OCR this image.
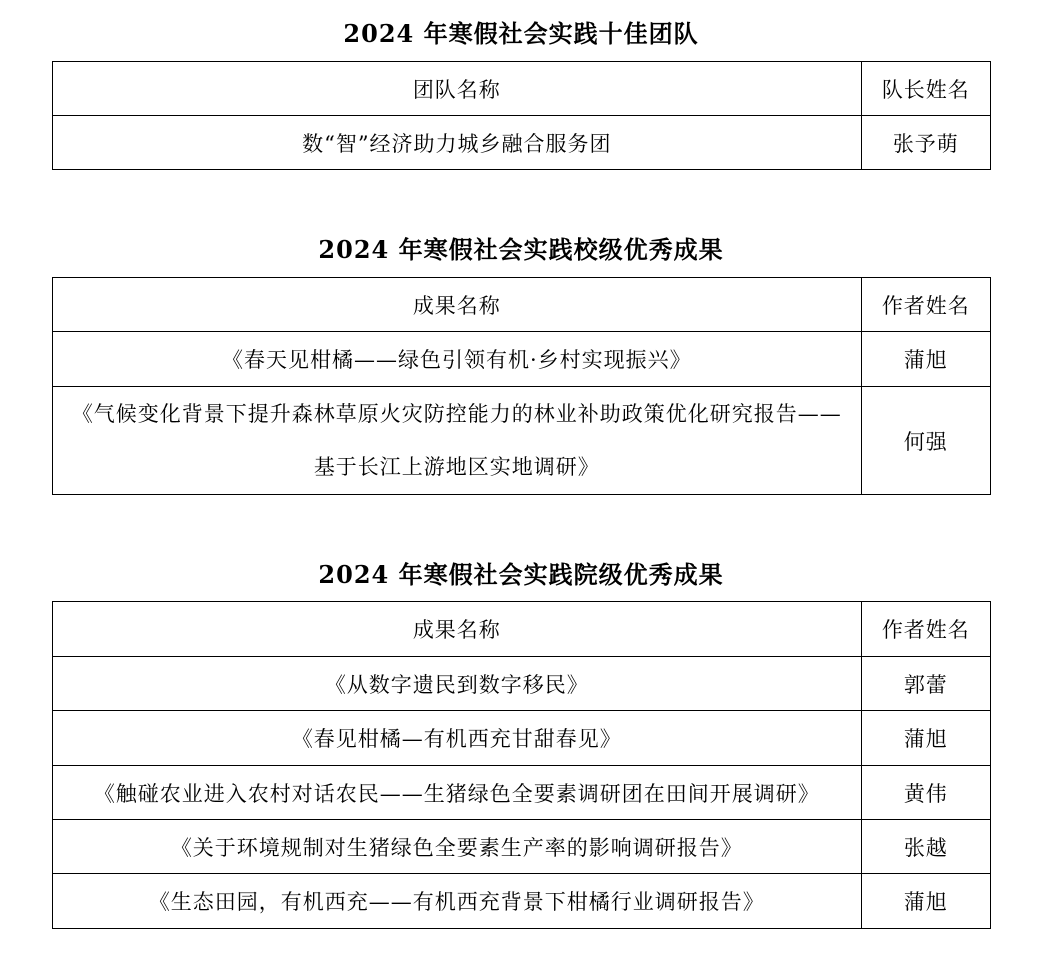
2024 年寒假社会实践十佳团队
团队名称	队长姓名
数“智”经济助力城乡融合服务团	张予萌
2024 年寒假社会实践校级优秀成果
成果名称	作者姓名
《春天见柑橘——绿色引领有机·乡村实现振兴》	蒲旭
《气候变化背景下提升森林草原火灾防控能力的林业补助政策优化研究报告——基于长江上游地区实地调研》	何强
2024 年寒假社会实践院级优秀成果
成果名称	作者姓名
《从数字遗民到数字移民》	郭蕾
《春见柑橘—有机西充甘甜春见》	蒲旭
《触碰农业进入农村对话农民——生猪绿色全要素调研团在田间开展调研》	黄伟
《关于环境规制对生猪绿色全要素生产率的影响调研报告》	张越
《生态田园，有机西充——有机西充背景下柑橘行业调研报告》	蒲旭
